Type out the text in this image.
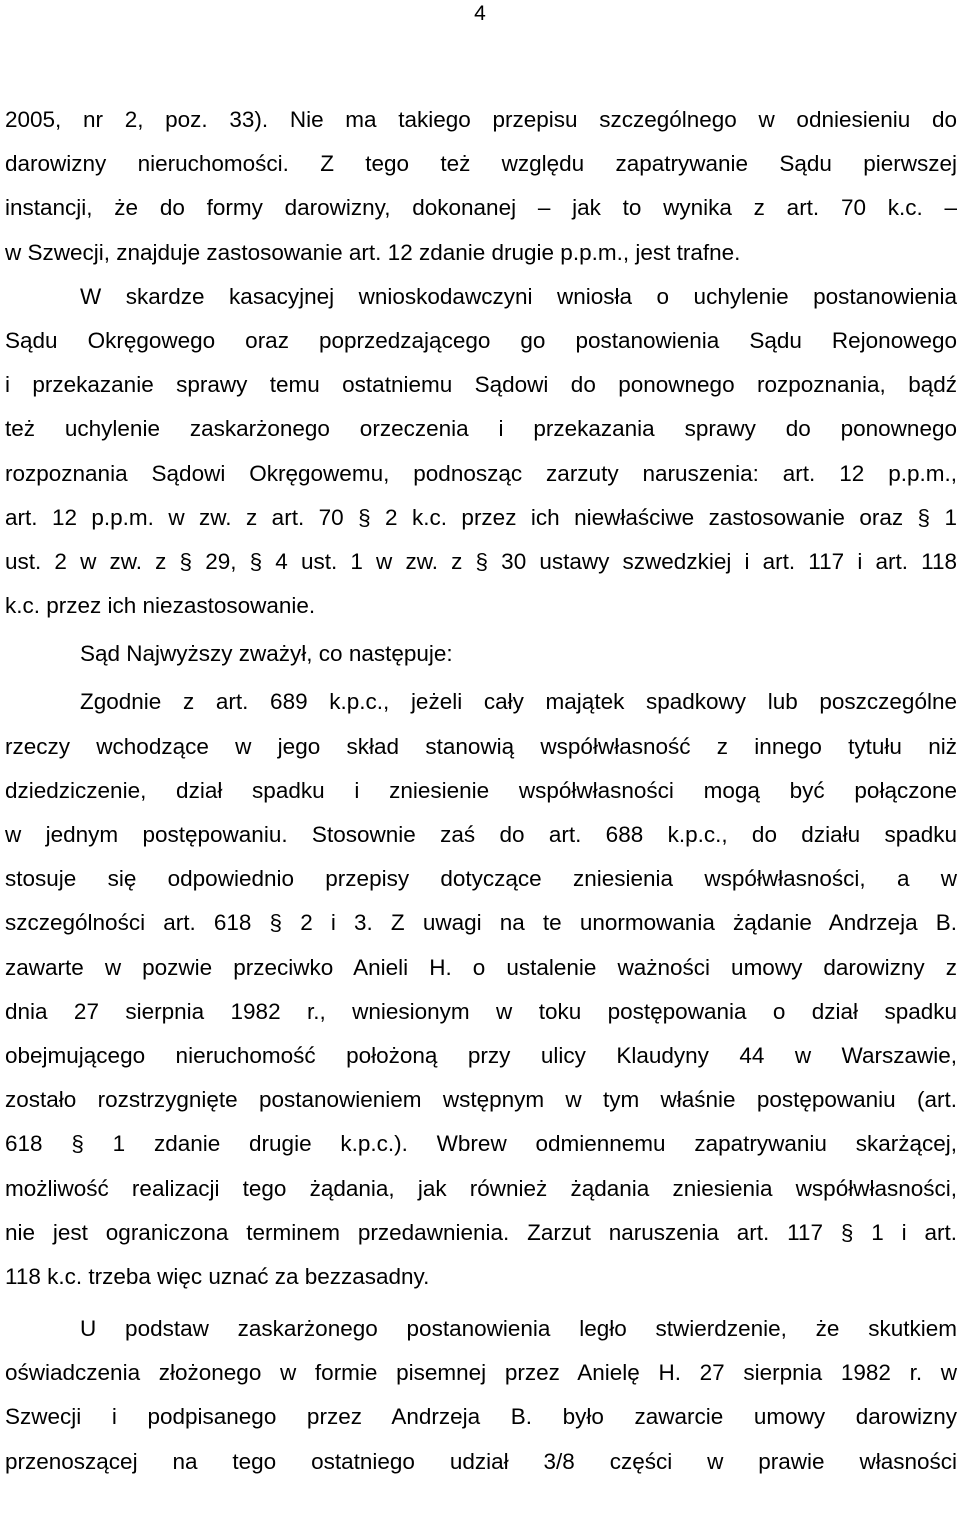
4
2005, nr 2, poz. 33). Nie ma takiego przepisu szczególnego w odniesieniu do
darowizny nieruchomości. Z tego też względu zapatrywanie Sądu pierwszej
instancji, że do formy darowizny, dokonanej – jak to wynika z art. 70 k.c. –
w Szwecji, znajduje zastosowanie art. 12 zdanie drugie p.p.m., jest trafne.
W skardze kasacyjnej wnioskodawczyni wniosła o uchylenie postanowienia
Sądu Okręgowego oraz poprzedzającego go postanowienia Sądu Rejonowego
i przekazanie sprawy temu ostatniemu Sądowi do ponownego rozpoznania, bądź
też uchylenie zaskarżonego orzeczenia i przekazania sprawy do ponownego
rozpoznania Sądowi Okręgowemu, podnosząc zarzuty naruszenia: art. 12 p.p.m.,
art. 12 p.p.m. w zw. z art. 70 § 2 k.c. przez ich niewłaściwe zastosowanie oraz § 1
ust. 2 w zw. z § 29, § 4 ust. 1 w zw. z § 30 ustawy szwedzkiej i art. 117 i art. 118
k.c. przez ich niezastosowanie.
Sąd Najwyższy zważył, co następuje:
Zgodnie z art. 689 k.p.c., jeżeli cały majątek spadkowy lub poszczególne
rzeczy wchodzące w jego skład stanowią współwłasność z innego tytułu niż
dziedziczenie, dział spadku i zniesienie współwłasności mogą być połączone
w jednym postępowaniu. Stosownie zaś do art. 688 k.p.c., do działu spadku
stosuje się odpowiednio przepisy dotyczące zniesienia współwłasności, a w
szczególności art. 618 § 2 i 3. Z uwagi na te unormowania żądanie Andrzeja B.
zawarte w pozwie przeciwko Anieli H. o ustalenie ważności umowy darowizny z
dnia 27 sierpnia 1982 r., wniesionym w toku postępowania o dział spadku
obejmującego nieruchomość położoną przy ulicy Klaudyny 44 w Warszawie,
zostało rozstrzygnięte postanowieniem wstępnym w tym właśnie postępowaniu (art.
618 § 1 zdanie drugie k.p.c.). Wbrew odmiennemu zapatrywaniu skarżącej,
możliwość realizacji tego żądania, jak również żądania zniesienia współwłasności,
nie jest ograniczona terminem przedawnienia. Zarzut naruszenia art. 117 § 1 i art.
118 k.c. trzeba więc uznać za bezzasadny.
U podstaw zaskarżonego postanowienia legło stwierdzenie, że skutkiem
oświadczenia złożonego w formie pisemnej przez Anielę H. 27 sierpnia 1982 r. w
Szwecji i podpisanego przez Andrzeja B. było zawarcie umowy darowizny
przenoszącej na tego ostatniego udział 3/8 części w prawie własności
